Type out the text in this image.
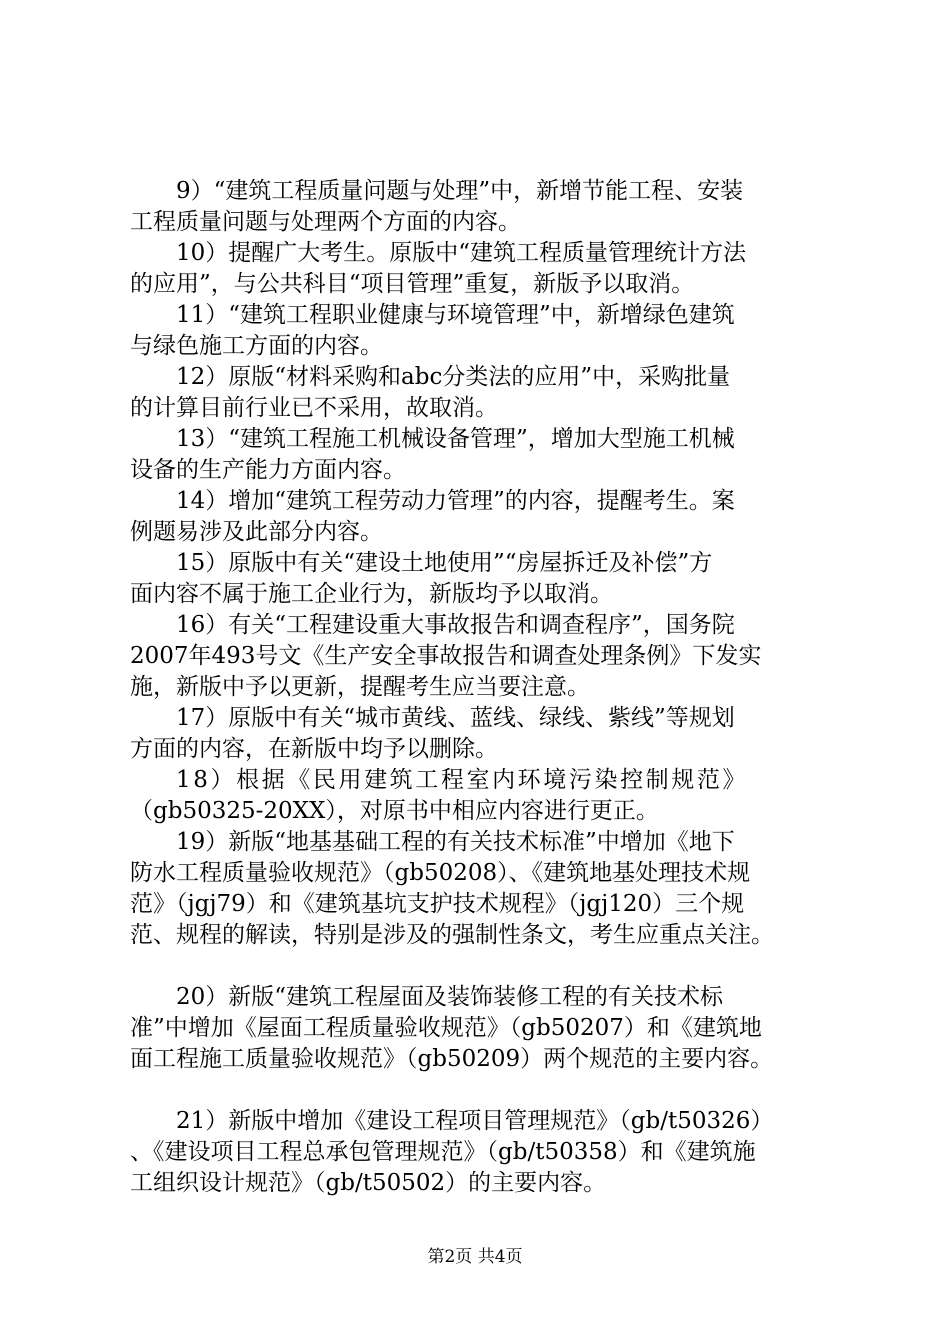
9）“建筑工程质量问题与处理”中，新增节能工程、安装
工程质量问题与处理两个方面的内容。
10）提醒广大考生。原版中“建筑工程质量管理统计方法
的应用”，与公共科目“项目管理”重复，新版予以取消。
11）“建筑工程职业健康与环境管理”中，新增绿色建筑
与绿色施工方面的内容。
12）原版“材料采购和abc分类法的应用”中，采购批量
的计算目前行业已不采用，故取消。
13）“建筑工程施工机械设备管理”，增加大型施工机械
设备的生产能力方面内容。
14）增加“建筑工程劳动力管理”的内容，提醒考生。案
例题易涉及此部分内容。
15）原版中有关“建设土地使用”“房屋拆迁及补偿”方
面内容不属于施工企业行为，新版均予以取消。
16）有关“工程建设重大事故报告和调查程序”，国务院
2007年493号文《生产安全事故报告和调查处理条例》下发实
施，新版中予以更新，提醒考生应当要注意。
17）原版中有关“城市黄线、蓝线、绿线、紫线”等规划
方面的内容，在新版中均予以删除。
18）根据《民用建筑工程室内环境污染控制规范》
（gb50325-20XX），对原书中相应内容进行更正。
19）新版“地基基础工程的有关技术标准”中增加《地下
防水工程质量验收规范》（gb50208）、《建筑地基处理技术规
范》（jgj79）和《建筑基坑支护技术规程》（jgj120）三个规
范、规程的解读，特别是涉及的强制性条文，考生应重点关注。
20）新版“建筑工程屋面及装饰装修工程的有关技术标
准”中增加《屋面工程质量验收规范》（gb50207）和《建筑地
面工程施工质量验收规范》（gb50209）两个规范的主要内容。
21）新版中增加《建设工程项目管理规范》（gb/t50326）
、《建设项目工程总承包管理规范》（gb/t50358）和《建筑施
工组织设计规范》（gb/t50502）的主要内容。
第2页 共4页
